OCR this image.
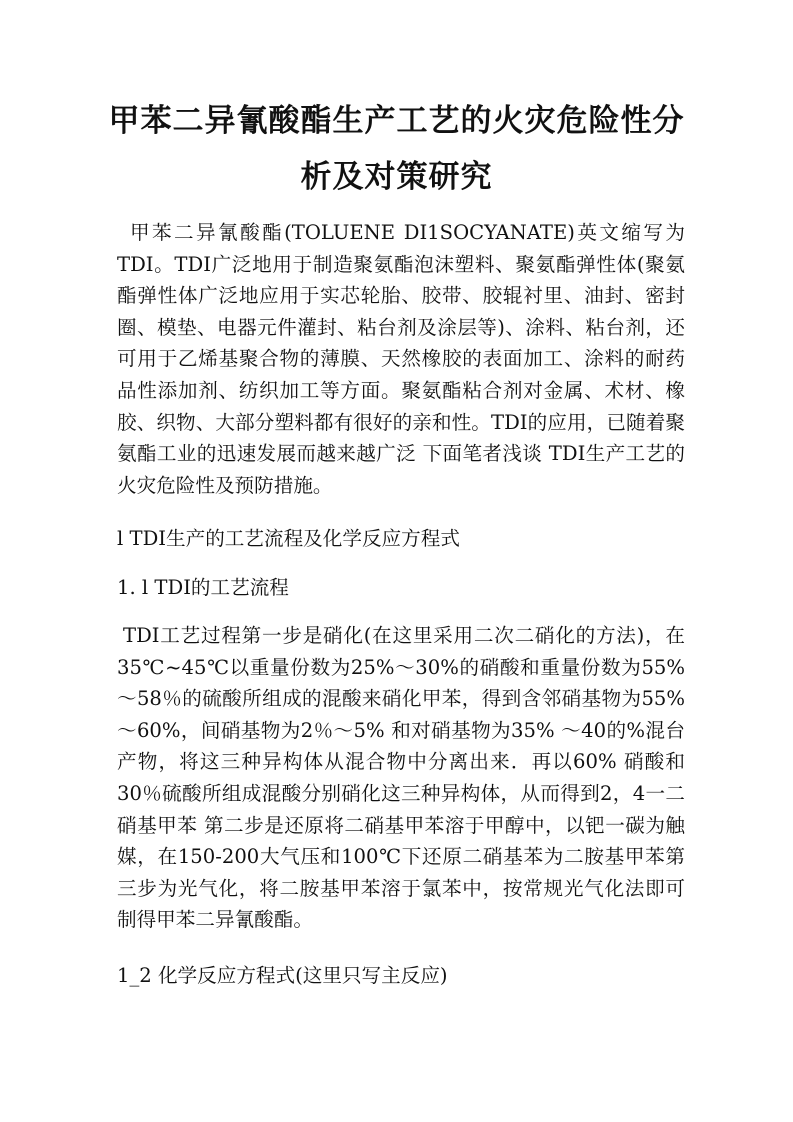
甲苯二异氰酸酯生产工艺的火灾危险性分
析及对策研究

甲苯二异氰酸酯(TOLUENE DI1SOCYANATE)英文缩写为TDI。TDI广泛地用于制造聚氨酯泡沫塑料、聚氨酯弹性体(聚氨酯弹性体广泛地应用于实芯轮胎、胶带、胶辊衬里、油封、密封圈、模垫、电器元件灌封、粘台剂及涂层等)、涂料、粘台剂，还可用于乙烯基聚合物的薄膜、天然橡胶的表面加工、涂料的耐药品性添加剂、纺织加工等方面。聚氨酯粘合剂对金属、术材、橡胶、织物、大部分塑料都有很好的亲和性。TDI的应用，已随着聚氨酯工业的迅速发展而越来越广泛 下面笔者浅谈 TDI生产工艺的火灾危险性及预防措施。

l TDI生产的工艺流程及化学反应方程式

1. l TDI的工艺流程

TDI工艺过程第一步是硝化(在这里采用二次二硝化的方法)，在35℃~45℃以重量份数为25%～30%的硝酸和重量份数为55% ～58％的硫酸所组成的混酸来硝化甲苯，得到含邻硝基物为55% ～60%，间硝基物为2％～5% 和对硝基物为35% ～40的%混台产物，将这三种异构体从混合物中分离出来．再以60% 硝酸和30％硫酸所组成混酸分别硝化这三种异构体，从而得到2，4一二硝基甲苯 第二步是还原将二硝基甲苯溶于甲醇中，以钯一碳为触媒，在150-200大气压和100℃下还原二硝基苯为二胺基甲苯第三步为光气化，将二胺基甲苯溶于氯苯中，按常规光气化法即可制得甲苯二异氰酸酯。

1_2 化学反应方程式(这里只写主反应)
